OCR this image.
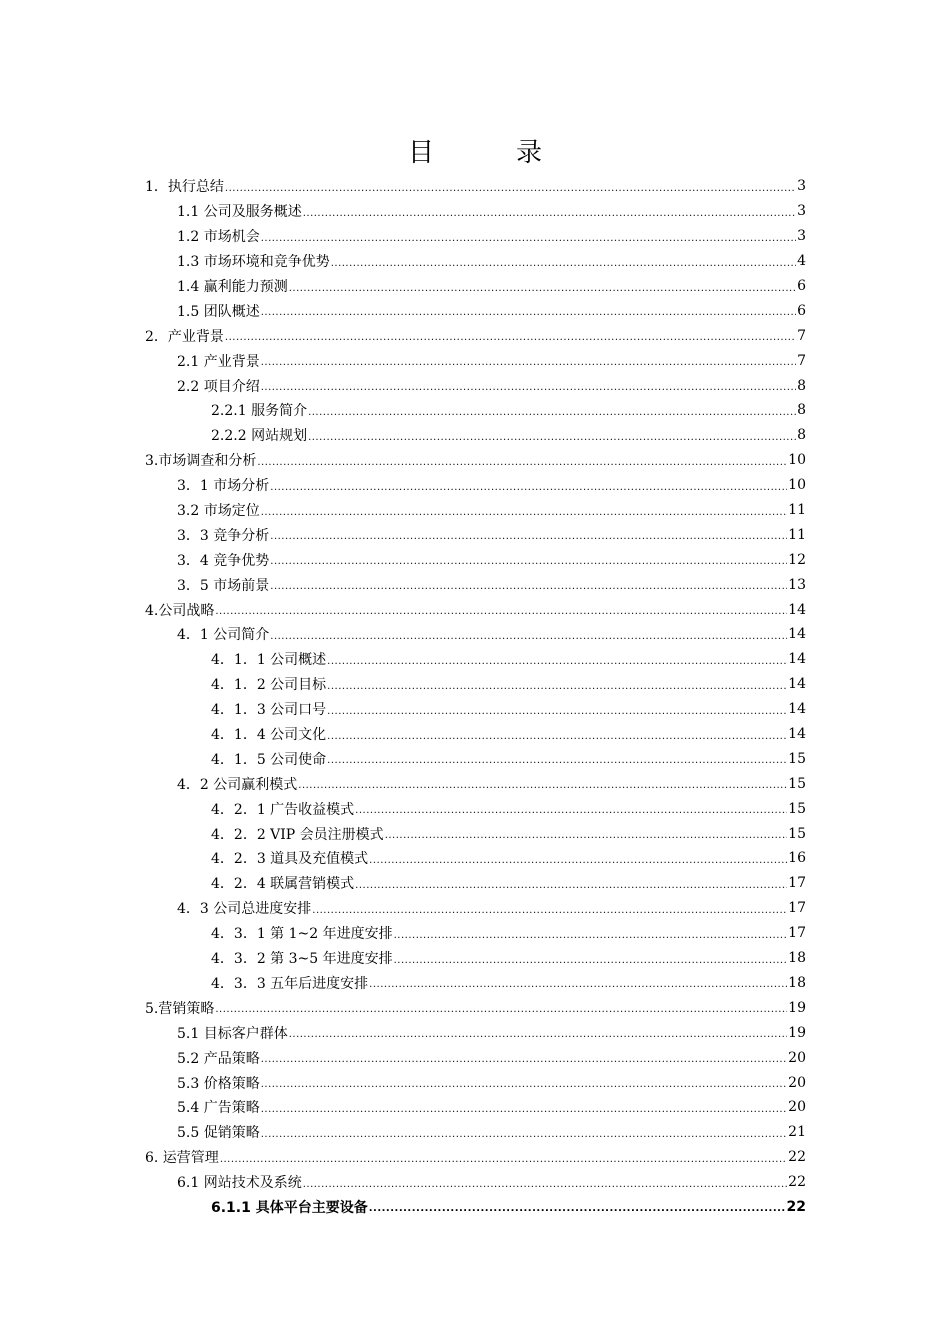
目　录
1．执行总结 .....	3
1.1 公司及服务概述 .....	3
1.2 市场机会 .....	3
1.3 市场环境和竞争优势 .....	4
1.4 赢利能力预测 .....	6
1.5 团队概述 .....	6
2．产业背景 .....	7
2.1 产业背景 .....	7
2.2 项目介绍 .....	8
2.2.1 服务简介 .....	8
2.2.2 网站规划 .....	8
3.市场调查和分析 .....	10
3．1 市场分析 .....	10
3.2 市场定位 .....	11
3．3 竞争分析 .....	11
3．4 竞争优势 .....	12
3．5 市场前景 .....	13
4.公司战略 .....	14
4．1 公司简介 .....	14
4．1．1 公司概述 .....	14
4．1．2 公司目标 .....	14
4．1．3 公司口号 .....	14
4．1．4 公司文化 .....	14
4．1．5 公司使命 .....	15
4．2 公司赢利模式 .....	15
4．2．1 广告收益模式 .....	15
4．2．2 VIP 会员注册模式 .....	15
4．2．3 道具及充值模式 .....	16
4．2．4 联属营销模式 .....	17
4．3 公司总进度安排 .....	17
4．3．1 第 1~2 年进度安排 .....	17
4．3．2 第 3~5 年进度安排 .....	18
4．3．3 五年后进度安排 .....	18
5.营销策略 .....	19
5.1 目标客户群体 .....	19
5.2 产品策略 .....	20
5.3 价格策略 .....	20
5.4 广告策略 .....	20
5.5 促销策略 .....	21
6. 运营管理 .....	22
6.1 网站技术及系统 .....	22
6.1.1 具体平台主要设备 .....	22
